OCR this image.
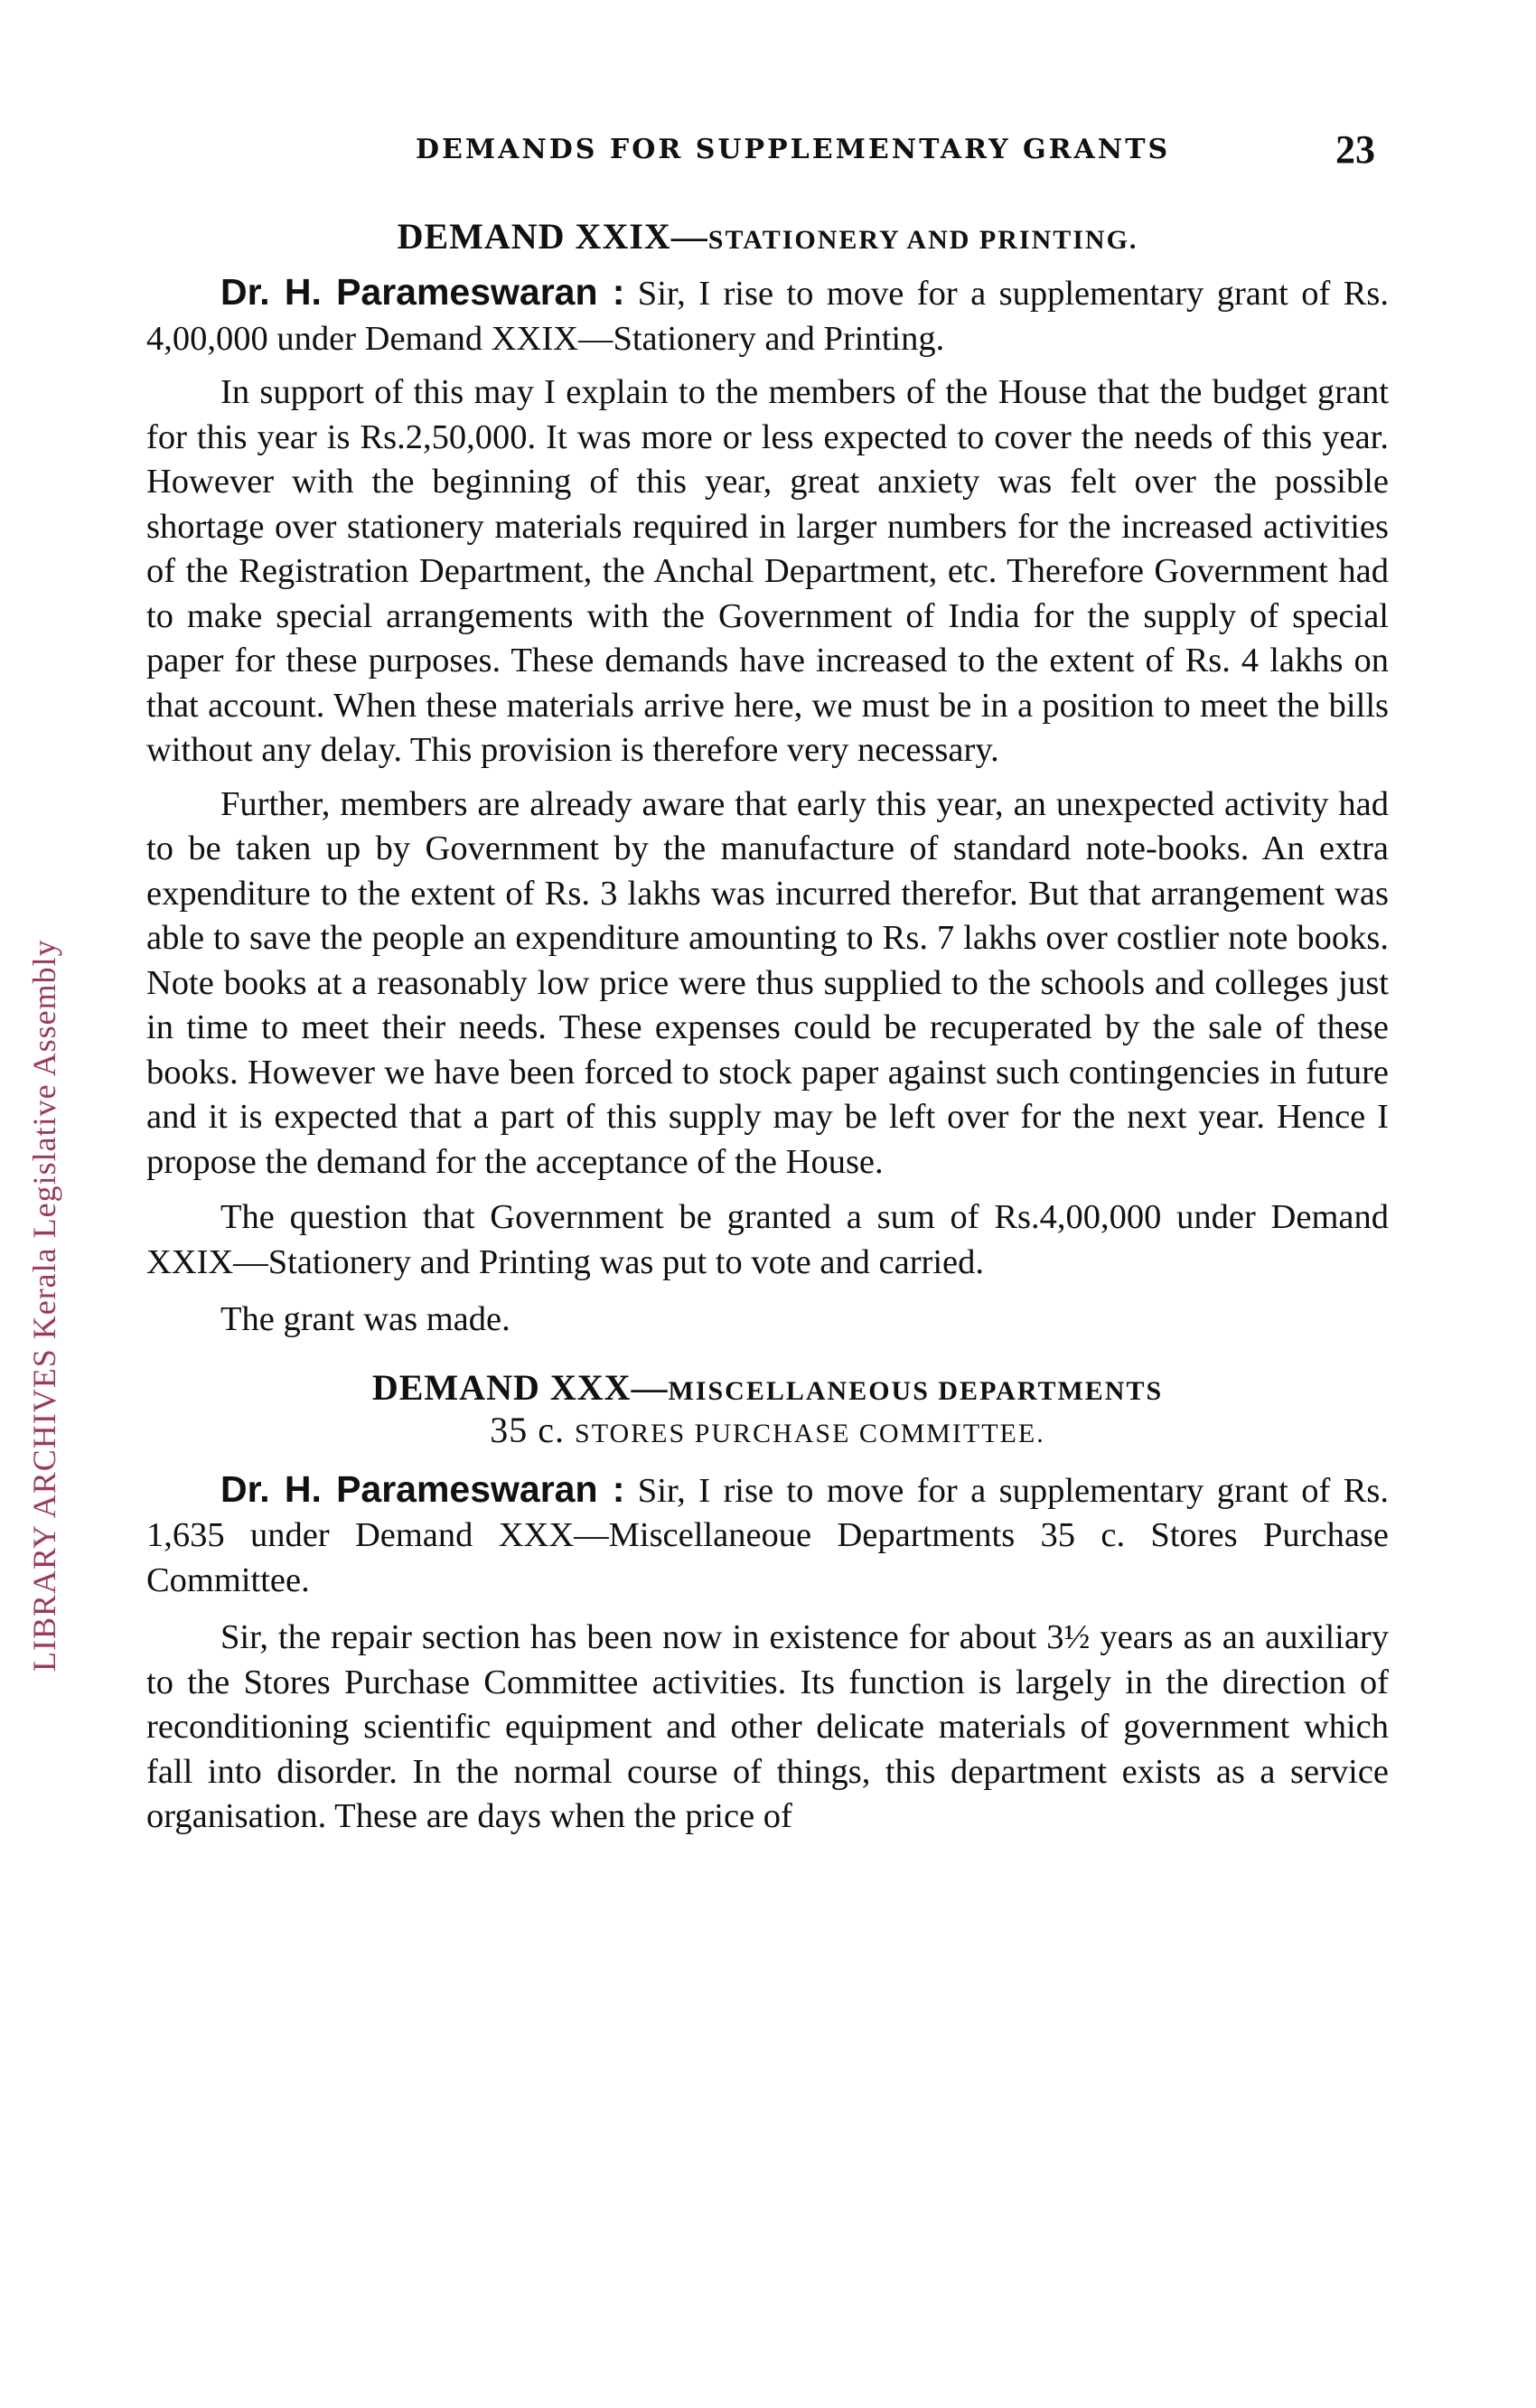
LIBRARY ARCHIVES Kerala Legislative Assembly
DEMANDS FOR SUPPLEMENTARY GRANTS	23
DEMAND XXIX—STATIONERY AND PRINTING.

Dr. H. Parameswaran : Sir, I rise to move for a supplementary grant of Rs. 4,00,000 under Demand XXIX—Stationery and Printing.

In support of this may I explain to the members of the House that the budget grant for this year is Rs.2,50,000. It was more or less expected to cover the needs of this year. However with the beginning of this year, great anxiety was felt over the possible shortage over stationery materials required in larger numbers for the increased activities of the Registration Department, the Anchal Department, etc. Therefore Government had to make special arrangements with the Government of India for the supply of special paper for these purposes. These demands have increased to the extent of Rs. 4 lakhs on that account. When these materials arrive here, we must be in a position to meet the bills without any delay. This provision is therefore very necessary.

Further, members are already aware that early this year, an unexpected activity had to be taken up by Government by the manufacture of standard note-books. An extra expenditure to the extent of Rs. 3 lakhs was incurred therefor. But that arrangement was able to save the people an expenditure amounting to Rs. 7 lakhs over costlier note books. Note books at a reasonably low price were thus supplied to the schools and colleges just in time to meet their needs. These expenses could be recuperated by the sale of these books. However we have been forced to stock paper against such contingencies in future and it is expected that a part of this supply may be left over for the next year. Hence I propose the demand for the acceptance of the House.

The question that Government be granted a sum of Rs.4,00,000 under Demand XXIX—Stationery and Printing was put to vote and carried.

The grant was made.

DEMAND XXX—MISCELLANEOUS DEPARTMENTS
35 c. STORES PURCHASE COMMITTEE.

Dr. H. Parameswaran : Sir, I rise to move for a supplementary grant of Rs. 1,635 under Demand XXX—Miscellaneoue Departments 35 c. Stores Purchase Committee.

Sir, the repair section has been now in existence for about 3½ years as an auxiliary to the Stores Purchase Committee activities. Its function is largely in the direction of reconditioning scientific equipment and other delicate materials of government which fall into disorder. In the normal course of things, this department exists as a service organisation. These are days when the price of
